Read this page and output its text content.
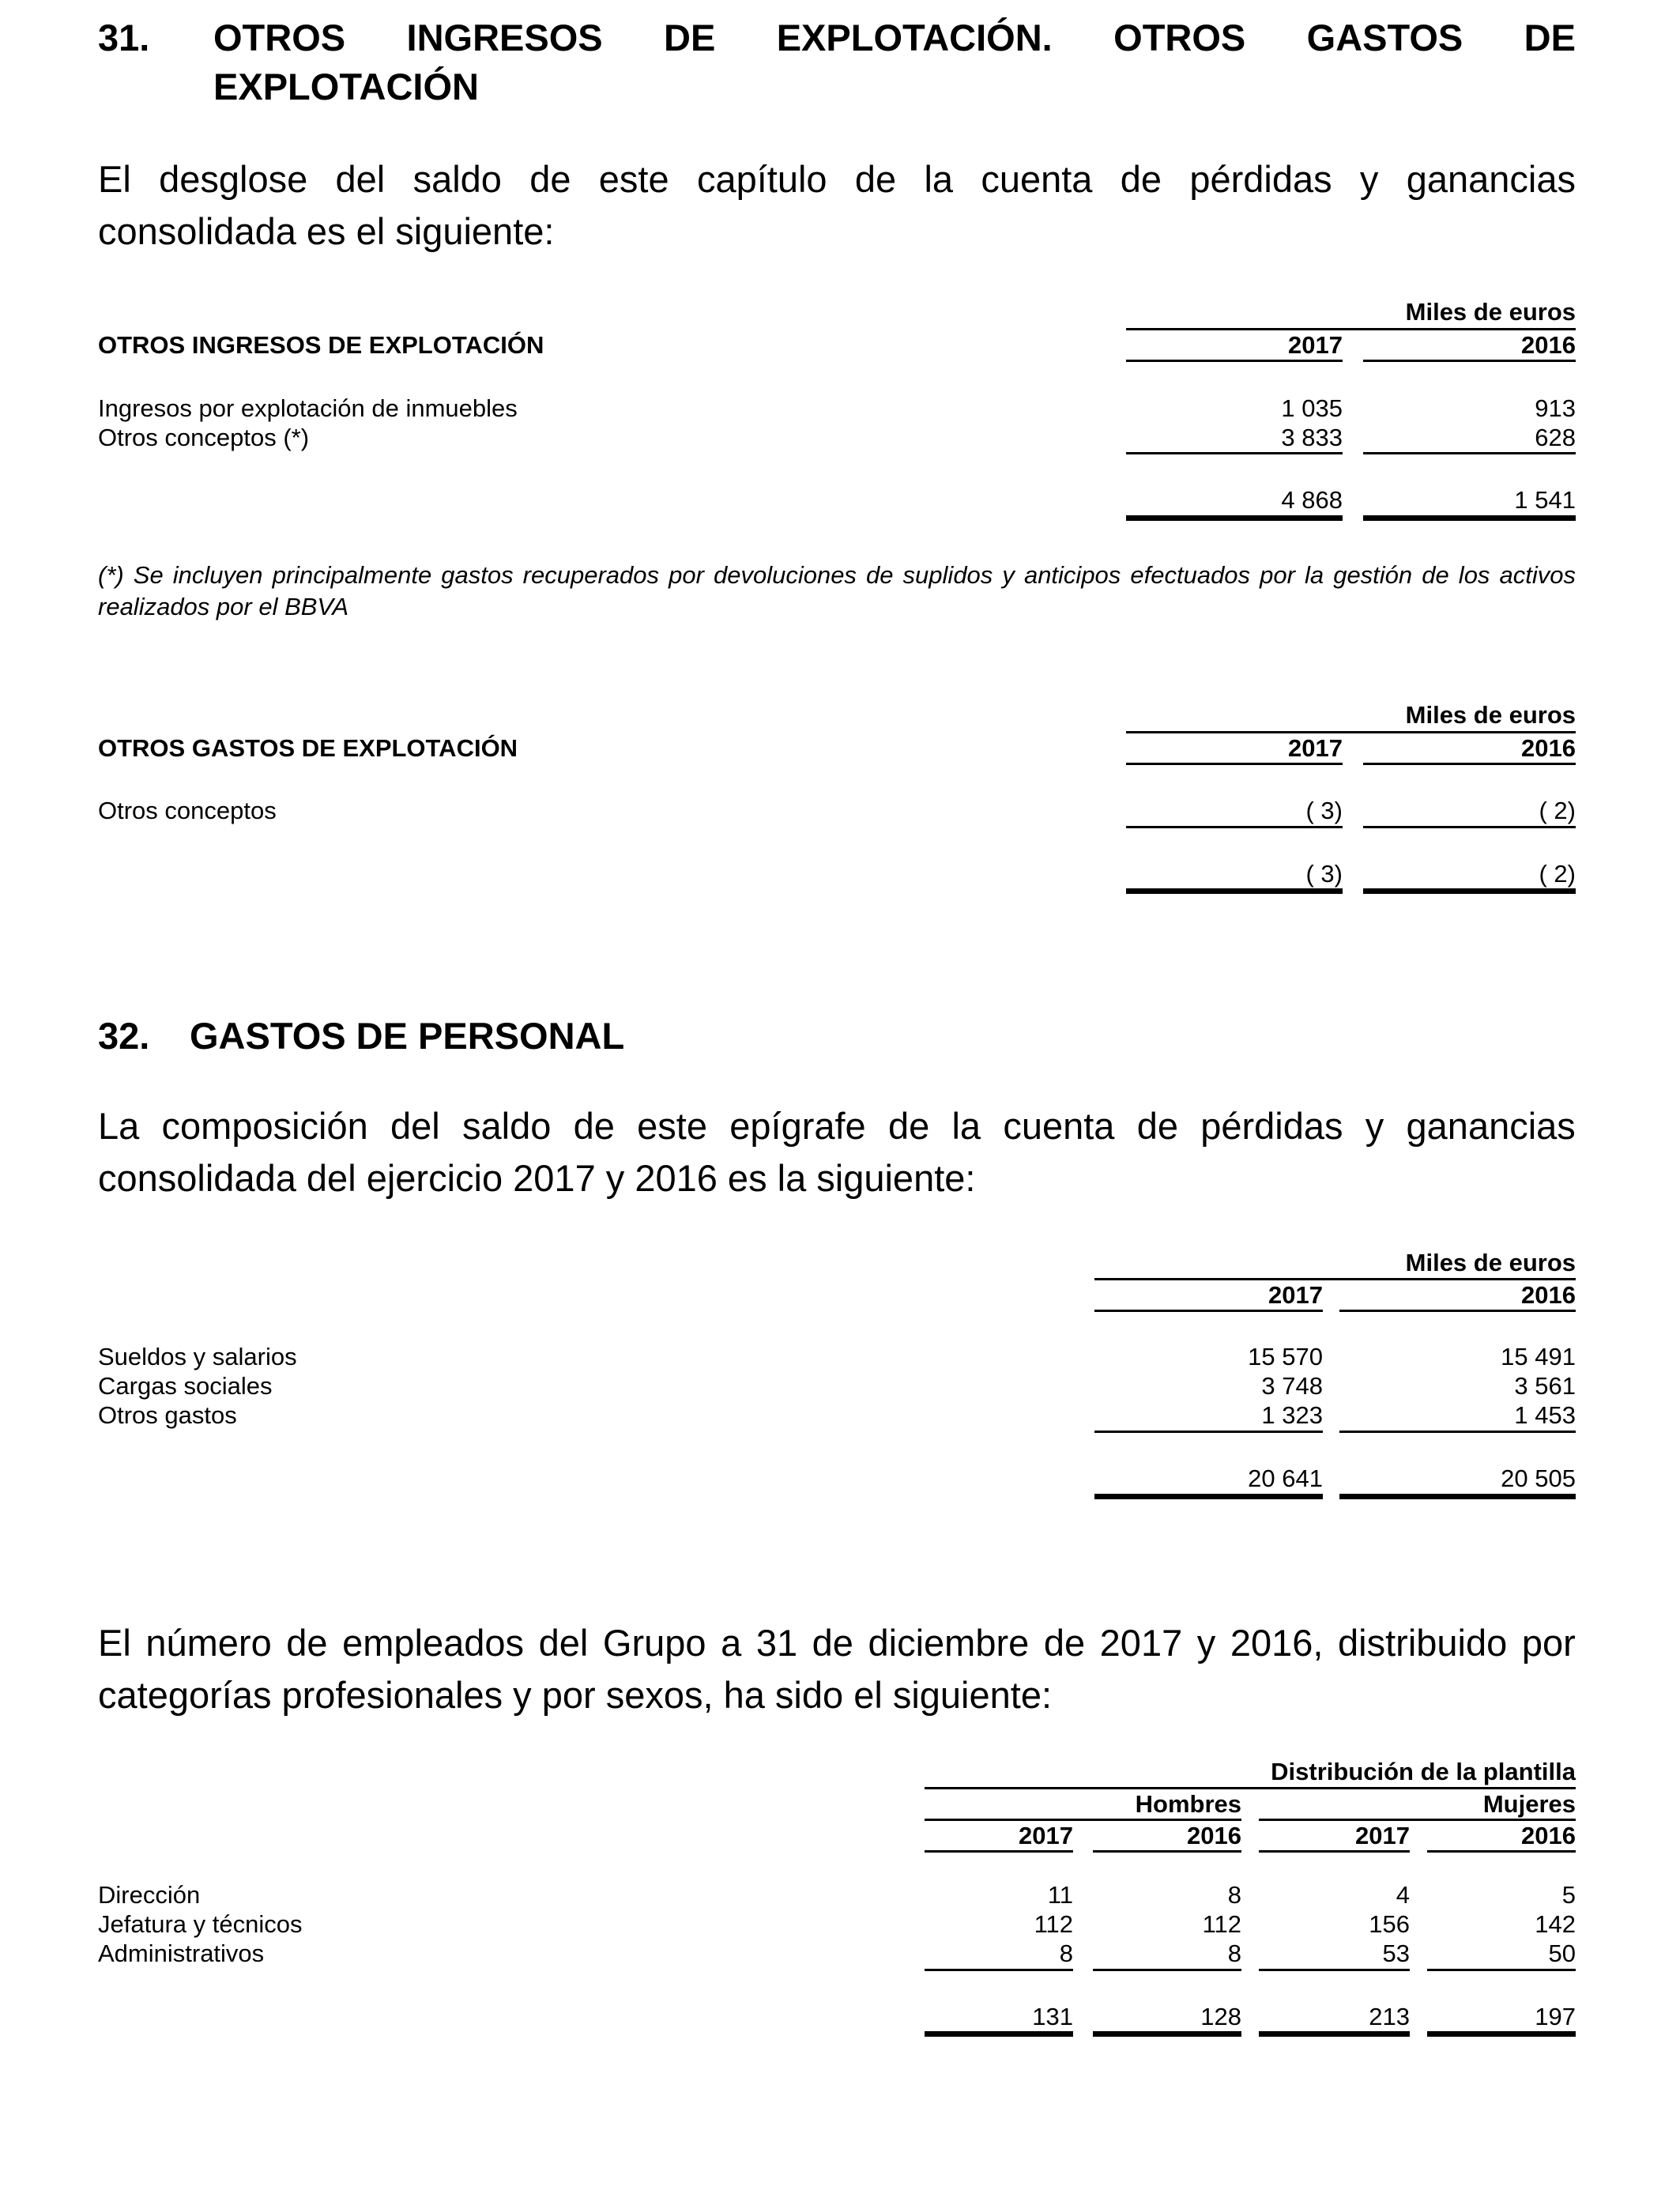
31. OTROS INGRESOS DE EXPLOTACIÓN. OTROS GASTOS DE
EXPLOTACIÓN
El desglose del saldo de este capítulo de la cuenta de pérdidas y ganancias
consolidada es el siguiente:
Miles de euros
OTROS INGRESOS DE EXPLOTACIÓN	2017	2016
Ingresos por explotación de inmuebles	1 035	913
Otros conceptos (*)	3 833	628
4 868	1 541
(*) Se incluyen principalmente gastos recuperados por devoluciones de suplidos y anticipos efectuados por la gestión de los activos realizados por el BBVA
Miles de euros
OTROS GASTOS DE EXPLOTACIÓN	2017	2016
Otros conceptos	( 3)	( 2)
( 3)	( 2)
32. GASTOS DE PERSONAL
La composición del saldo de este epígrafe de la cuenta de pérdidas y ganancias
consolidada del ejercicio 2017 y 2016 es la siguiente:
Miles de euros
2017	2016
Sueldos y salarios	15 570	15 491
Cargas sociales	3 748	3 561
Otros gastos	1 323	1 453
20 641	20 505
El número de empleados del Grupo a 31 de diciembre de 2017 y 2016, distribuido por
categorías profesionales y por sexos, ha sido el siguiente:
Distribución de la plantilla
Hombres	Mujeres
2017	2016	2017	2016
Dirección	11	8	4	5
Jefatura y técnicos	112	112	156	142
Administrativos	8	8	53	50
131	128	213	197
